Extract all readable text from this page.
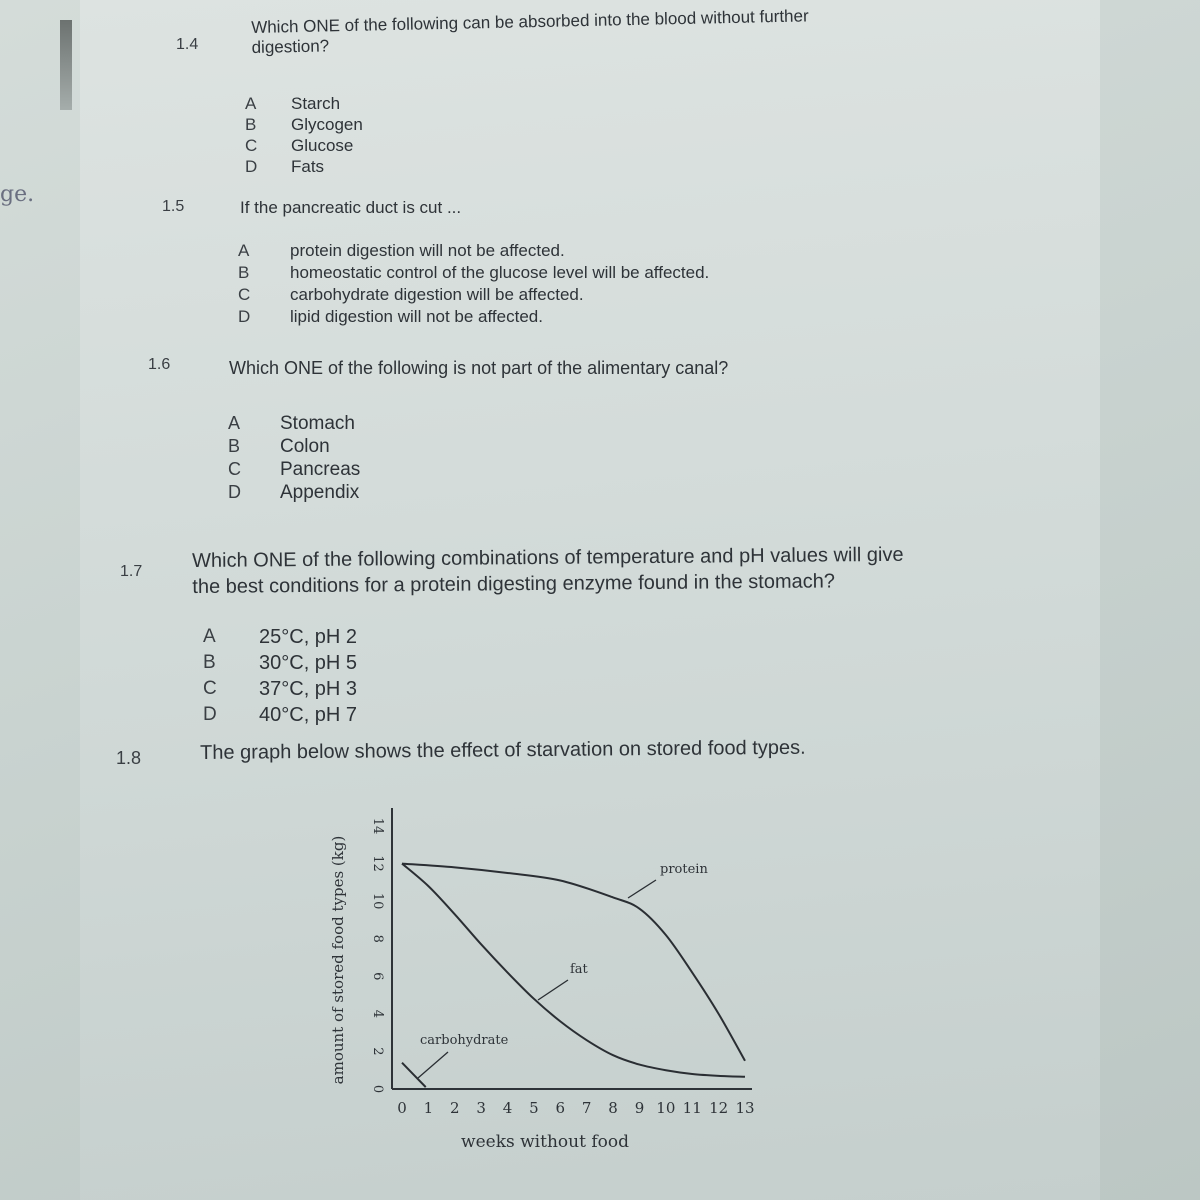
ge.
1.4
Which ONE of the following can be absorbed into the blood without further
digestion?
A	Starch
B	Glycogen
C	Glucose
D	Fats
1.5	If the pancreatic duct is cut ...
A	protein digestion will not be affected.
B	homeostatic control of the glucose level will be affected.
C	carbohydrate digestion will be affected.
D	lipid digestion will not be affected.
1.6	Which ONE of the following is not part of the alimentary canal?
A	Stomach
B	Colon
C	Pancreas
D	Appendix
1.7 Which ONE of the following combinations of temperature and pH values will give
the best conditions for a protein digesting enzyme found in the stomach?
A	25°C, pH 2
B	30°C, pH 5
C	37°C, pH 3
D	40°C, pH 7
1.8	The graph below shows the effect of starvation on stored food types.
0
2
4
6
8
10
12
14
0 1 2 3 4 5 6 7 8 9 10 11 12 13
carbohydrate
fat
protein
weeks without food
amount of stored food types (kg)
